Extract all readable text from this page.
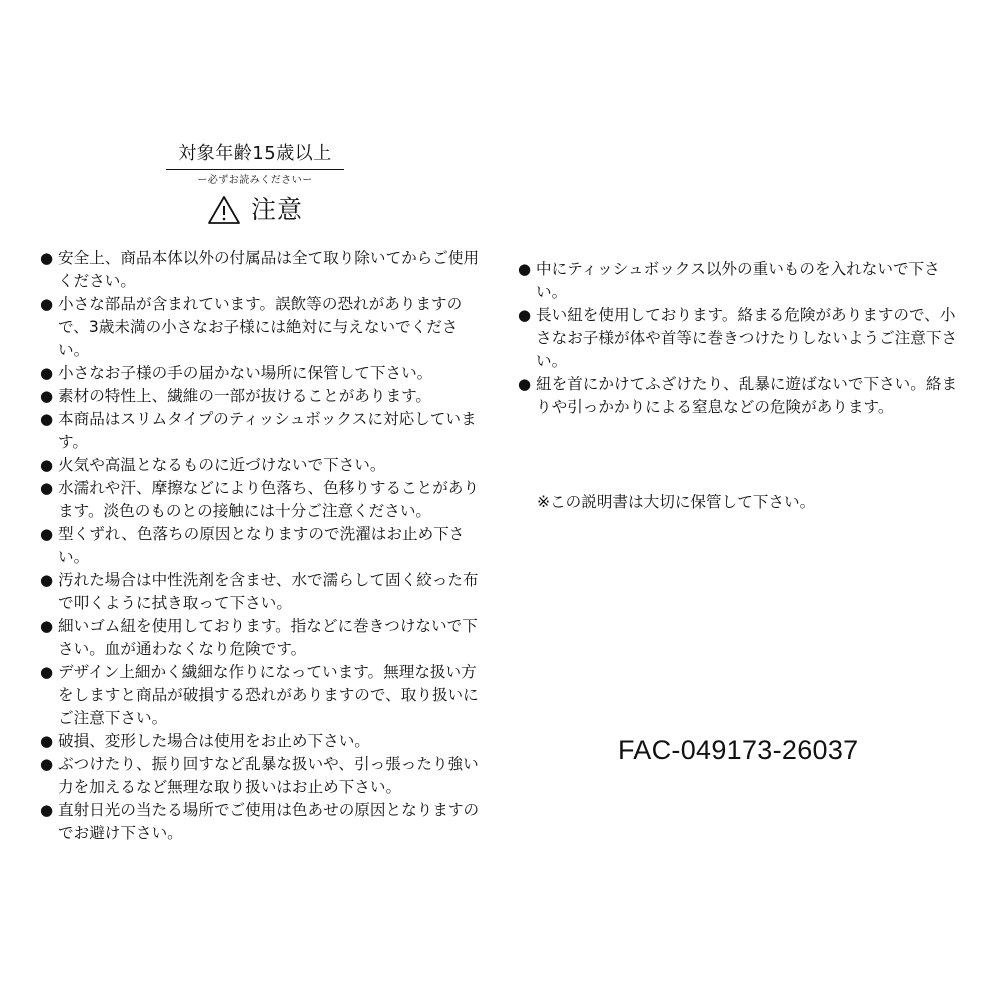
対象年齢15歳以上
ー必ずお読みくださいー
注意

● 安全上、商品本体以外の付属品は全て取り除いてからご使用ください。

● 小さな部品が含まれています。誤飲等の恐れがありますので、3歳未満の小さなお子様には絶対に与えないでください。

● 小さなお子様の手の届かない場所に保管して下さい。

● 素材の特性上、繊維の一部が抜けることがあります。

● 本商品はスリムタイプのティッシュボックスに対応しています。

● 火気や高温となるものに近づけないで下さい。

● 水濡れや汗、摩擦などにより色落ち、色移りすることがあります。淡色のものとの接触には十分ご注意ください。

● 型くずれ、色落ちの原因となりますので洗濯はお止め下さい。

● 汚れた場合は中性洗剤を含ませ、水で濡らして固く絞った布で叩くように拭き取って下さい。

● 細いゴム紐を使用しております。指などに巻きつけないで下さい。血が通わなくなり危険です。

● デザイン上細かく繊細な作りになっています。無理な扱い方をしますと商品が破損する恐れがありますので、取り扱いにご注意下さい。

● 破損、変形した場合は使用をお止め下さい。

● ぶつけたり、振り回すなど乱暴な扱いや、引っ張ったり強い力を加えるなど無理な取り扱いはお止め下さい。

● 直射日光の当たる場所でご使用は色あせの原因となりますのでお避け下さい。

● 中にティッシュボックス以外の重いものを入れないで下さい。

● 長い紐を使用しております。絡まる危険がありますので、小さなお子様が体や首等に巻きつけたりしないようご注意下さい。

● 紐を首にかけてふざけたり、乱暴に遊ばないで下さい。絡まりや引っかかりによる窒息などの危険があります。

※この説明書は大切に保管して下さい。
FAC-049173-26037
